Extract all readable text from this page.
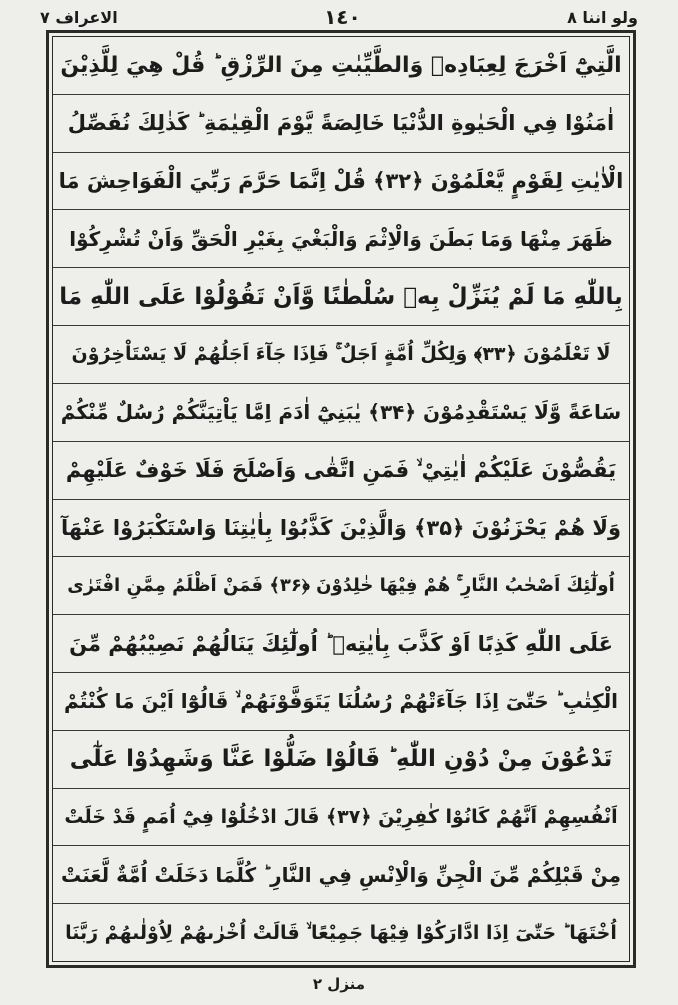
الاعراف ٧	١٤٠	ولو اننا ٨
الَّتِيْٓ اَخْرَجَ لِعِبَادِهٖ وَالطَّيِّبٰتِ مِنَ الرِّزْقِ ؕ قُلْ هِيَ لِلَّذِيْنَ
اٰمَنُوْا فِي الْحَيٰوةِ الدُّنْيَا خَالِصَةً يَّوْمَ الْقِيٰمَةِ ؕ كَذٰلِكَ نُفَصِّلُ
الْاٰيٰتِ لِقَوْمٍ يَّعْلَمُوْنَ ﴿۳۲﴾ قُلْ اِنَّمَا حَرَّمَ رَبِّيَ الْفَوَاحِشَ مَا
ظَهَرَ مِنْهَا وَمَا بَطَنَ وَالْاِثْمَ وَالْبَغْيَ بِغَيْرِ الْحَقِّ وَاَنْ تُشْرِكُوْا
بِاللّٰهِ مَا لَمْ يُنَزِّلْ بِهٖ سُلْطٰنًا وَّاَنْ تَقُوْلُوْا عَلَى اللّٰهِ مَا
لَا تَعْلَمُوْنَ ﴿۳۳﴾ وَلِكُلِّ اُمَّةٍ اَجَلٌ ۚ فَاِذَا جَآءَ اَجَلُهُمْ لَا يَسْتَاْخِرُوْنَ
سَاعَةً وَّلَا يَسْتَقْدِمُوْنَ ﴿۳۴﴾ يٰبَنِيْٓ اٰدَمَ اِمَّا يَاْتِيَنَّكُمْ رُسُلٌ مِّنْكُمْ
يَقُصُّوْنَ عَلَيْكُمْ اٰيٰتِيْ ۙ فَمَنِ اتَّقٰى وَاَصْلَحَ فَلَا خَوْفٌ عَلَيْهِمْ
وَلَا هُمْ يَحْزَنُوْنَ ﴿۳۵﴾ وَالَّذِيْنَ كَذَّبُوْا بِاٰيٰتِنَا وَاسْتَكْبَرُوْا عَنْهَآ
اُولٰٓئِكَ اَصْحٰبُ النَّارِ ۚ هُمْ فِيْهَا خٰلِدُوْنَ ﴿۳۶﴾ فَمَنْ اَظْلَمُ مِمَّنِ افْتَرٰى
عَلَى اللّٰهِ كَذِبًا اَوْ كَذَّبَ بِاٰيٰتِهٖ ؕ اُولٰٓئِكَ يَنَالُهُمْ نَصِيْبُهُمْ مِّنَ
الْكِتٰبِ ؕ حَتّٰىٓ اِذَا جَآءَتْهُمْ رُسُلُنَا يَتَوَفَّوْنَهُمْ ۙ قَالُوْٓا اَيْنَ مَا كُنْتُمْ
تَدْعُوْنَ مِنْ دُوْنِ اللّٰهِ ؕ قَالُوْا ضَلُّوْا عَنَّا وَشَهِدُوْا عَلٰٓى
اَنْفُسِهِمْ اَنَّهُمْ كَانُوْا كٰفِرِيْنَ ﴿۳۷﴾ قَالَ ادْخُلُوْا فِيْٓ اُمَمٍ قَدْ خَلَتْ
مِنْ قَبْلِكُمْ مِّنَ الْجِنِّ وَالْاِنْسِ فِي النَّارِ ؕ كُلَّمَا دَخَلَتْ اُمَّةٌ لَّعَنَتْ
اُخْتَهَا ؕ حَتّٰىٓ اِذَا ادَّارَكُوْا فِيْهَا جَمِيْعًا ۙ قَالَتْ اُخْرٰىهُمْ لِاُوْلٰىهُمْ رَبَّنَا
منزل ٢
